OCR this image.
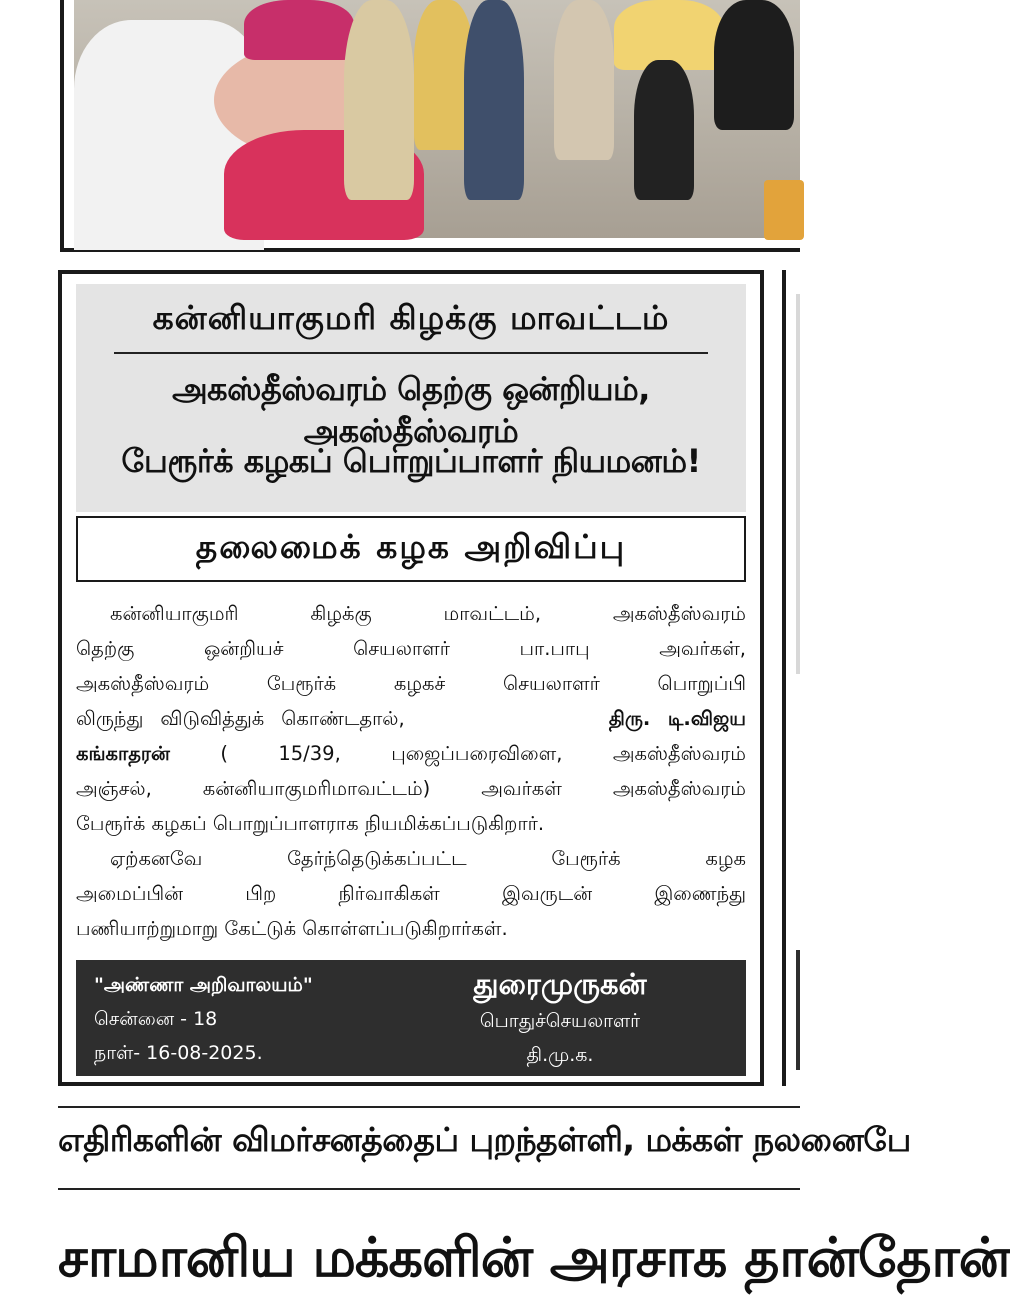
கன்னியாகுமரி கிழக்கு மாவட்டம்
அகஸ்தீஸ்வரம் தெற்கு ஒன்றியம், அகஸ்தீஸ்வரம்
பேரூர்க் கழகப் பொறுப்பாளர் நியமனம்!
தலைமைக் கழக அறிவிப்பு

கன்னியாகுமரி கிழக்கு மாவட்டம், அகஸ்தீஸ்வரம்

தெற்கு ஒன்றியச் செயலாளர் பா.பாபு அவர்கள்,

அகஸ்தீஸ்வரம் பேரூர்க் கழகச் செயலாளர் பொறுப்பி

லிருந்து விடுவித்துக் கொண்டதால்,	திரு. டி.விஜய

கங்காதரன் ( 15/39, புஜைப்பரைவிளை, அகஸ்தீஸ்வரம்

அஞ்சல், கன்னியாகுமரிமாவட்டம்) அவர்கள் அகஸ்தீஸ்வரம்

பேரூர்க் கழகப் பொறுப்பாளராக நியமிக்கப்படுகிறார்.

ஏற்கனவே தேர்ந்தெடுக்கப்பட்ட பேரூர்க் கழக

அமைப்பின் பிற நிர்வாகிகள் இவருடன் இணைந்து

பணியாற்றுமாறு கேட்டுக் கொள்ளப்படுகிறார்கள்.

"அண்ணா அறிவாலயம்"
சென்னை - 18
நாள்- 16-08-2025.
துரைமுருகன்
பொதுச்செயலாளர்
தி.மு.க.
எதிரிகளின் விமர்சனத்தைப் புறந்தள்ளி, மக்கள் நலனைபே
சாமானிய மக்களின் அரசாக தான்தோன்
